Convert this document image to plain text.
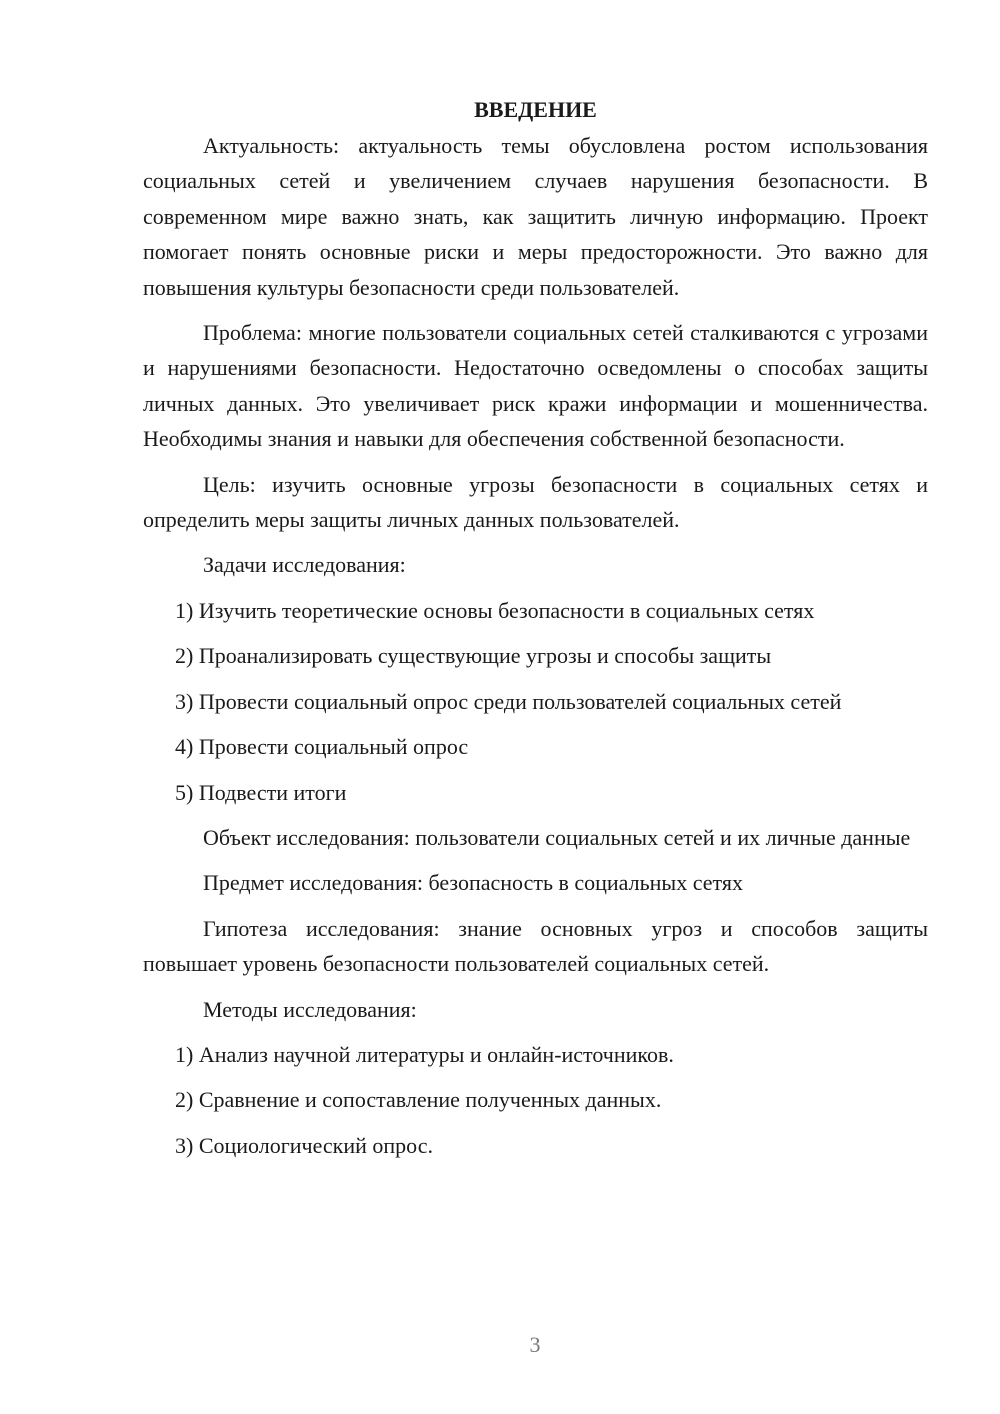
ВВЕДЕНИЕ

Актуальность: актуальность темы обусловлена ростом использования социальных сетей и увеличением случаев нарушения безопасности. В современном мире важно знать, как защитить личную информацию. Проект помогает понять основные риски и меры предосторожности. Это важно для повышения культуры безопасности среди пользователей.

Проблема: многие пользователи социальных сетей сталкиваются с угрозами и нарушениями безопасности. Недостаточно осведомлены о способах защиты личных данных. Это увеличивает риск кражи информации и мошенничества. Необходимы знания и навыки для обеспечения собственной безопасности.

Цель: изучить основные угрозы безопасности в социальных сетях и определить меры защиты личных данных пользователей.

Задачи исследования:

1) Изучить теоретические основы безопасности в социальных сетях

2) Проанализировать существующие угрозы и способы защиты

3) Провести социальный опрос среди пользователей социальных сетей

4) Провести социальный опрос

5) Подвести итоги

Объект исследования: пользователи социальных сетей и их личные данные

Предмет исследования: безопасность в социальных сетях

Гипотеза исследования: знание основных угроз и способов защиты повышает уровень безопасности пользователей социальных сетей.

Методы исследования:

1) Анализ научной литературы и онлайн-источников.

2) Сравнение и сопоставление полученных данных.

3) Социологический опрос.

3
